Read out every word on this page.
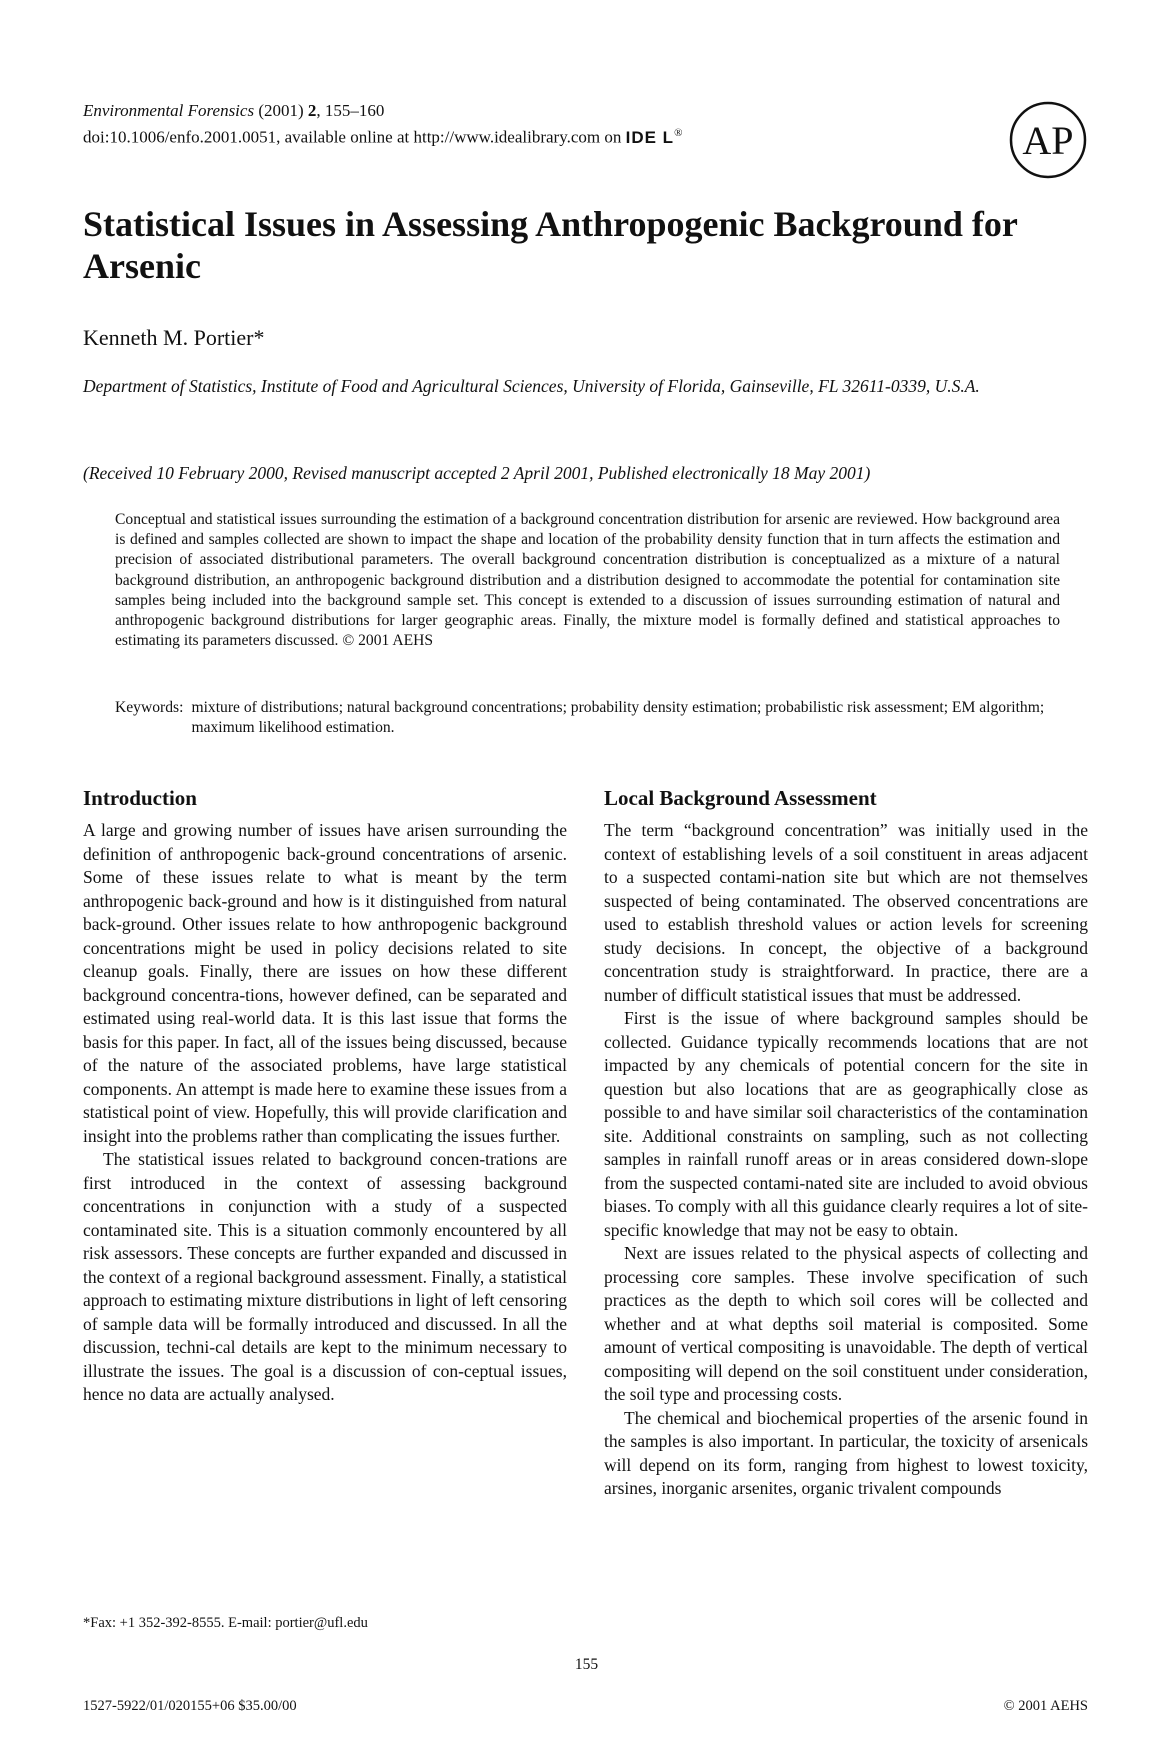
Environmental Forensics (2001) 2, 155–160
doi:10.1006/enfo.2001.0051, available online at http://www.idealibrary.com on IDE L®	AP
Statistical Issues in Assessing Anthropogenic Background for Arsenic
Kenneth M. Portier*
Department of Statistics, Institute of Food and Agricultural Sciences, University of Florida, Gainseville, FL 32611-0339, U.S.A.
(Received 10 February 2000, Revised manuscript accepted 2 April 2001, Published electronically 18 May 2001)
Conceptual and statistical issues surrounding the estimation of a background concentration distribution for arsenic are reviewed. How background area is defined and samples collected are shown to impact the shape and location of the probability density function that in turn affects the estimation and precision of associated distributional parameters. The overall background concentration distribution is conceptualized as a mixture of a natural background distribution, an anthropogenic background distribution and a distribution designed to accommodate the potential for contamination site samples being included into the background sample set. This concept is extended to a discussion of issues surrounding estimation of natural and anthropogenic background distributions for larger geographic areas. Finally, the mixture model is formally defined and statistical approaches to estimating its parameters discussed. © 2001 AEHS
Keywords: mixture of distributions; natural background concentrations; probability density estimation; probabilistic risk assessment; EM algorithm; maximum likelihood estimation.
Introduction

A large and growing number of issues have arisen surrounding the definition of anthropogenic back-ground concentrations of arsenic. Some of these issues relate to what is meant by the term anthropogenic back-ground and how is it distinguished from natural back-ground. Other issues relate to how anthropogenic background concentrations might be used in policy decisions related to site cleanup goals. Finally, there are issues on how these different background concentra-tions, however defined, can be separated and estimated using real-world data. It is this last issue that forms the basis for this paper. In fact, all of the issues being discussed, because of the nature of the associated problems, have large statistical components. An attempt is made here to examine these issues from a statistical point of view. Hopefully, this will provide clarification and insight into the problems rather than complicating the issues further.

The statistical issues related to background concen-trations are first introduced in the context of assessing background concentrations in conjunction with a study of a suspected contaminated site. This is a situation commonly encountered by all risk assessors. These concepts are further expanded and discussed in the context of a regional background assessment. Finally, a statistical approach to estimating mixture distributions in light of left censoring of sample data will be formally introduced and discussed. In all the discussion, techni-cal details are kept to the minimum necessary to illustrate the issues. The goal is a discussion of con-ceptual issues, hence no data are actually analysed.

Local Background Assessment

The term “background concentration” was initially used in the context of establishing levels of a soil constituent in areas adjacent to a suspected contami-nation site but which are not themselves suspected of being contaminated. The observed concentrations are used to establish threshold values or action levels for screening study decisions. In concept, the objective of a background concentration study is straightforward. In practice, there are a number of difficult statistical issues that must be addressed.

First is the issue of where background samples should be collected. Guidance typically recommends locations that are not impacted by any chemicals of potential concern for the site in question but also locations that are as geographically close as possible to and have similar soil characteristics of the contamination site. Additional constraints on sampling, such as not collecting samples in rainfall runoff areas or in areas considered down-slope from the suspected contami-nated site are included to avoid obvious biases. To comply with all this guidance clearly requires a lot of site-specific knowledge that may not be easy to obtain.

Next are issues related to the physical aspects of collecting and processing core samples. These involve specification of such practices as the depth to which soil cores will be collected and whether and at what depths soil material is composited. Some amount of vertical compositing is unavoidable. The depth of vertical compositing will depend on the soil constituent under consideration, the soil type and processing costs.

The chemical and biochemical properties of the arsenic found in the samples is also important. In particular, the toxicity of arsenicals will depend on its form, ranging from highest to lowest toxicity, arsines, inorganic arsenites, organic trivalent compounds

*Fax: +1 352-392-8555. E-mail: portier@ufl.edu
155
1527-5922/01/020155+06 $35.00/00	© 2001 AEHS
